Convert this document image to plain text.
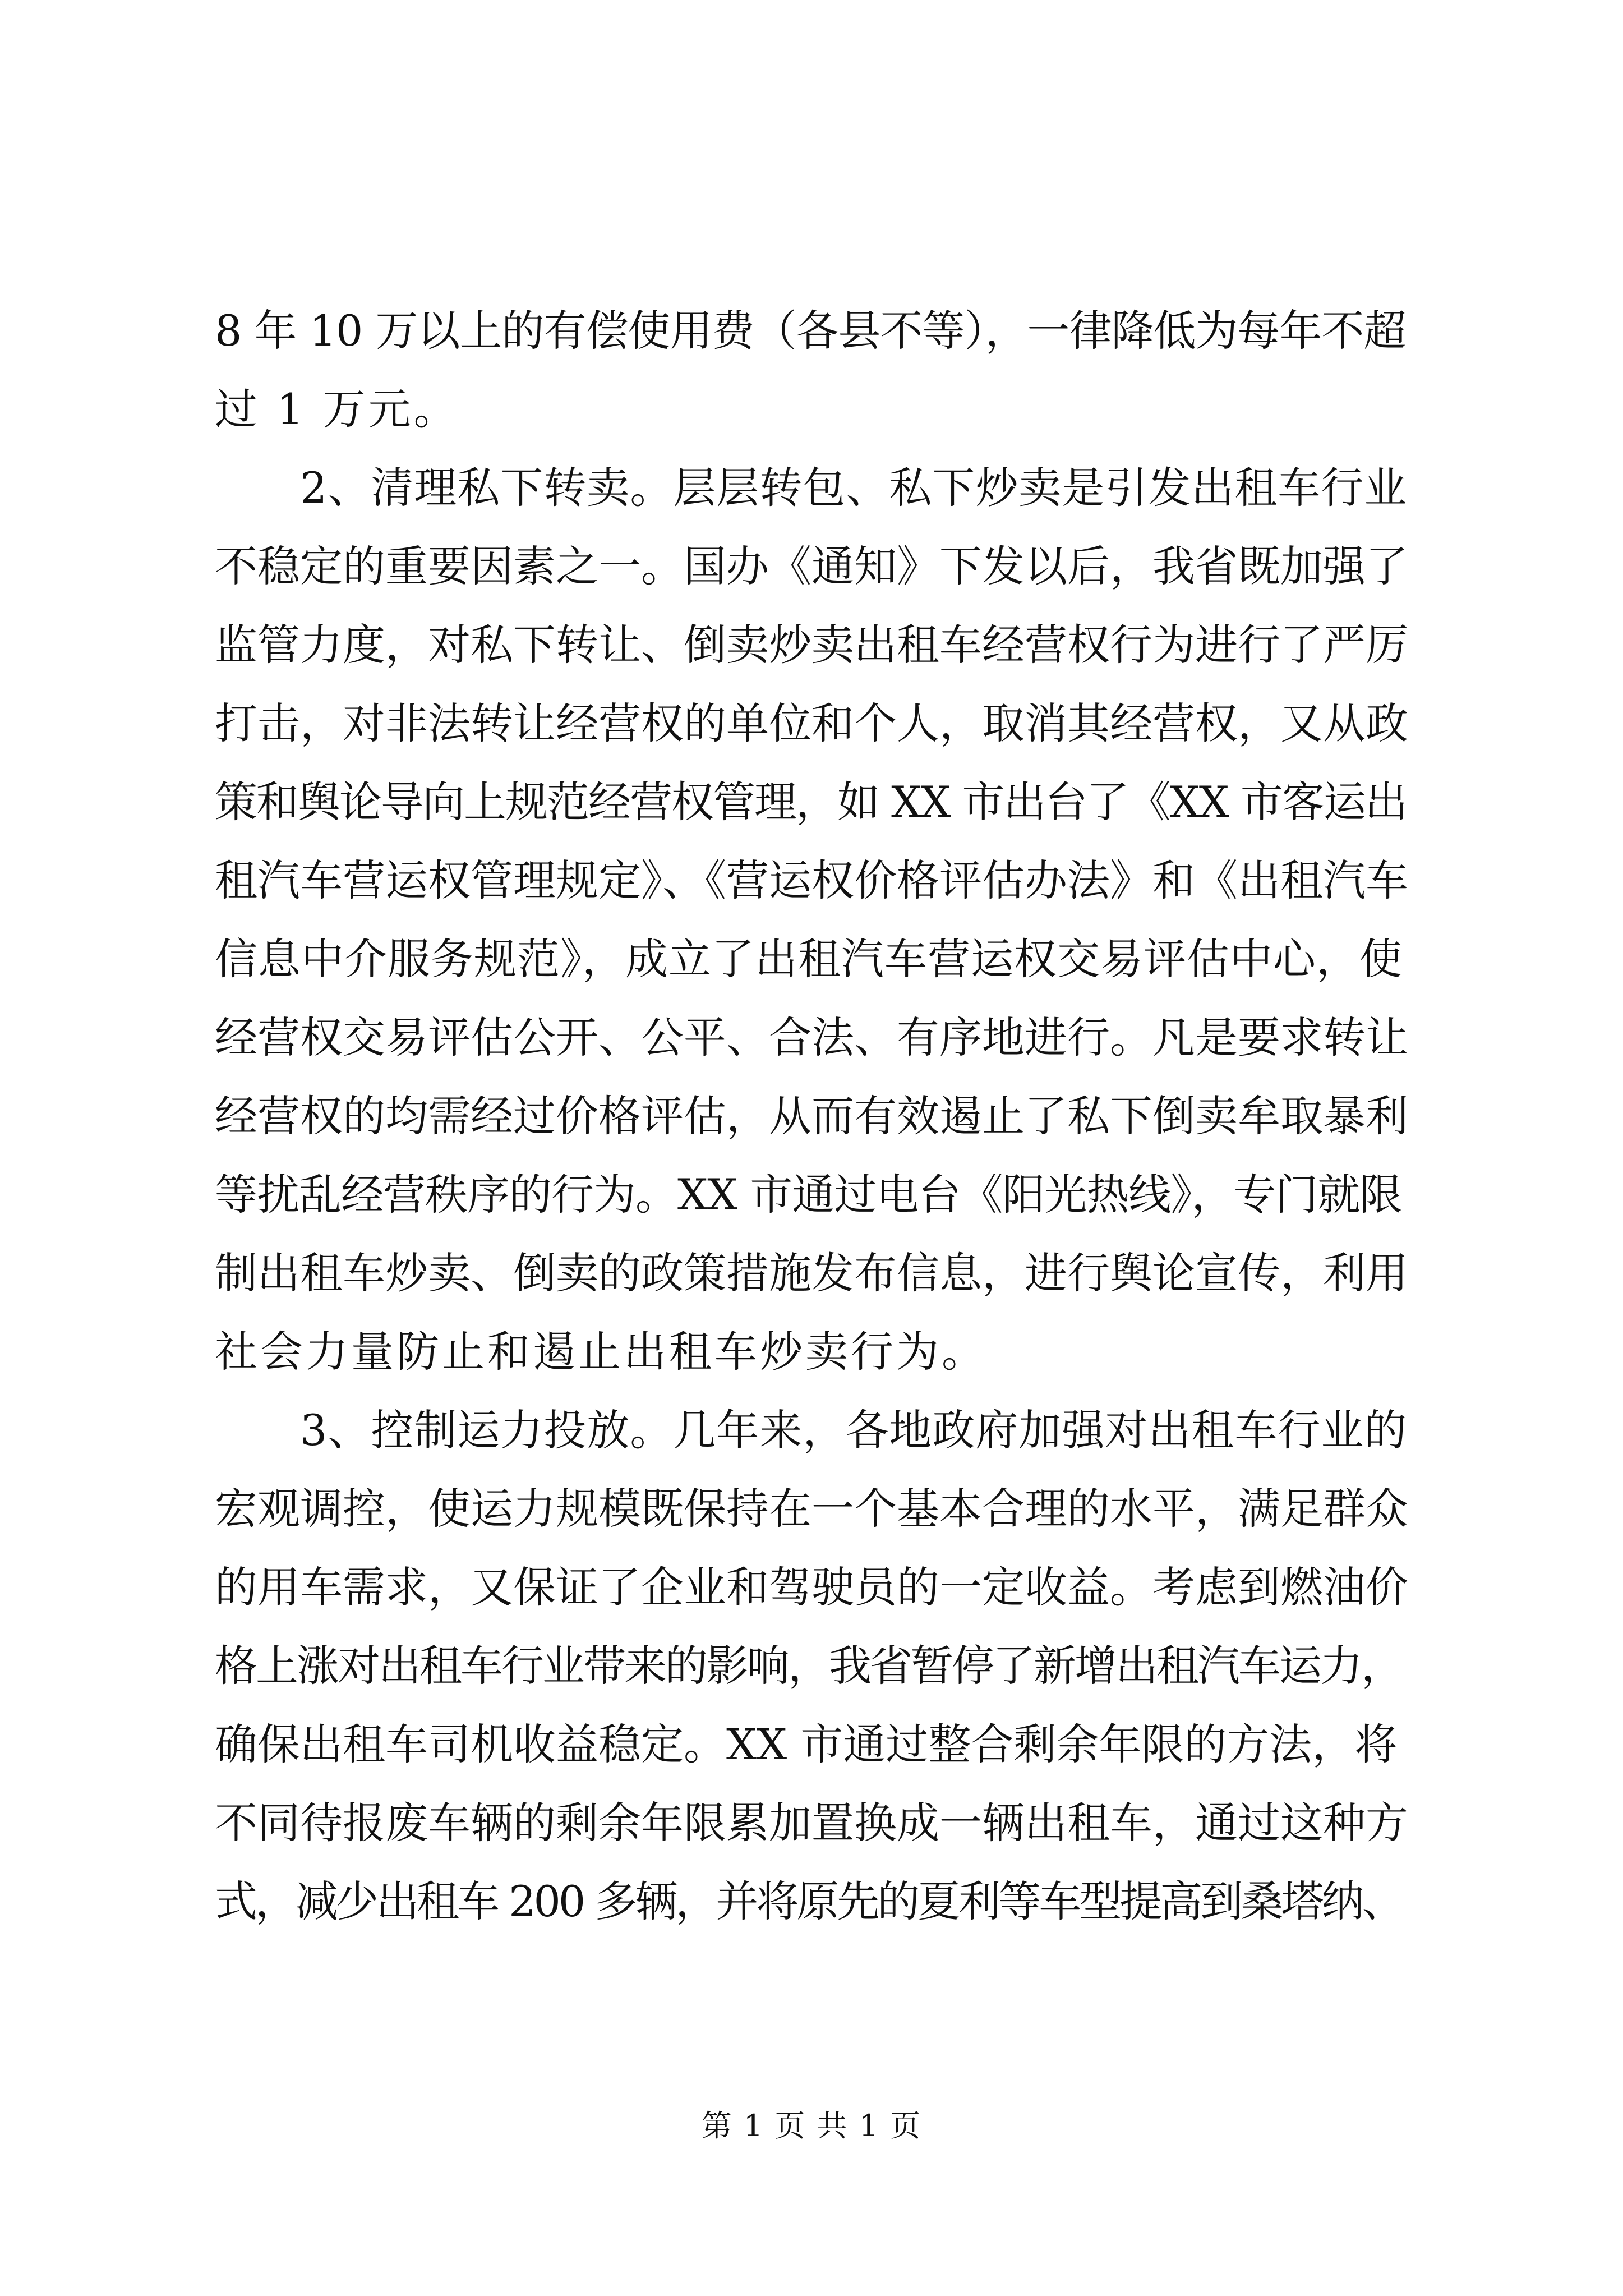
8 年 10 万以上的有偿使用费（各县不等），一律降低为每年不超
过 1 万元。
2、清理私下转卖。层层转包、私下炒卖是引发出租车行业
不稳定的重要因素之一。国办《通知》下发以后，我省既加强了
监管力度，对私下转让、倒卖炒卖出租车经营权行为进行了严厉
打击，对非法转让经营权的单位和个人，取消其经营权，又从政
策和舆论导向上规范经营权管理，如 XX 市出台了《XX 市客运出
租汽车营运权管理规定》、《营运权价格评估办法》和《出租汽车
信息中介服务规范》，成立了出租汽车营运权交易评估中心，使
经营权交易评估公开、公平、合法、有序地进行。凡是要求转让
经营权的均需经过价格评估，从而有效遏止了私下倒卖牟取暴利
等扰乱经营秩序的行为。XX 市通过电台《阳光热线》，专门就限
制出租车炒卖、倒卖的政策措施发布信息，进行舆论宣传，利用
社会力量防止和遏止出租车炒卖行为。
3、控制运力投放。几年来，各地政府加强对出租车行业的
宏观调控，使运力规模既保持在一个基本合理的水平，满足群众
的用车需求，又保证了企业和驾驶员的一定收益。考虑到燃油价
格上涨对出租车行业带来的影响，我省暂停了新增出租汽车运力，
确保出租车司机收益稳定。XX 市通过整合剩余年限的方法，将
不同待报废车辆的剩余年限累加置换成一辆出租车，通过这种方
式，减少出租车 200 多辆，并将原先的夏利等车型提高到桑塔纳、
第 1 页 共 1 页
